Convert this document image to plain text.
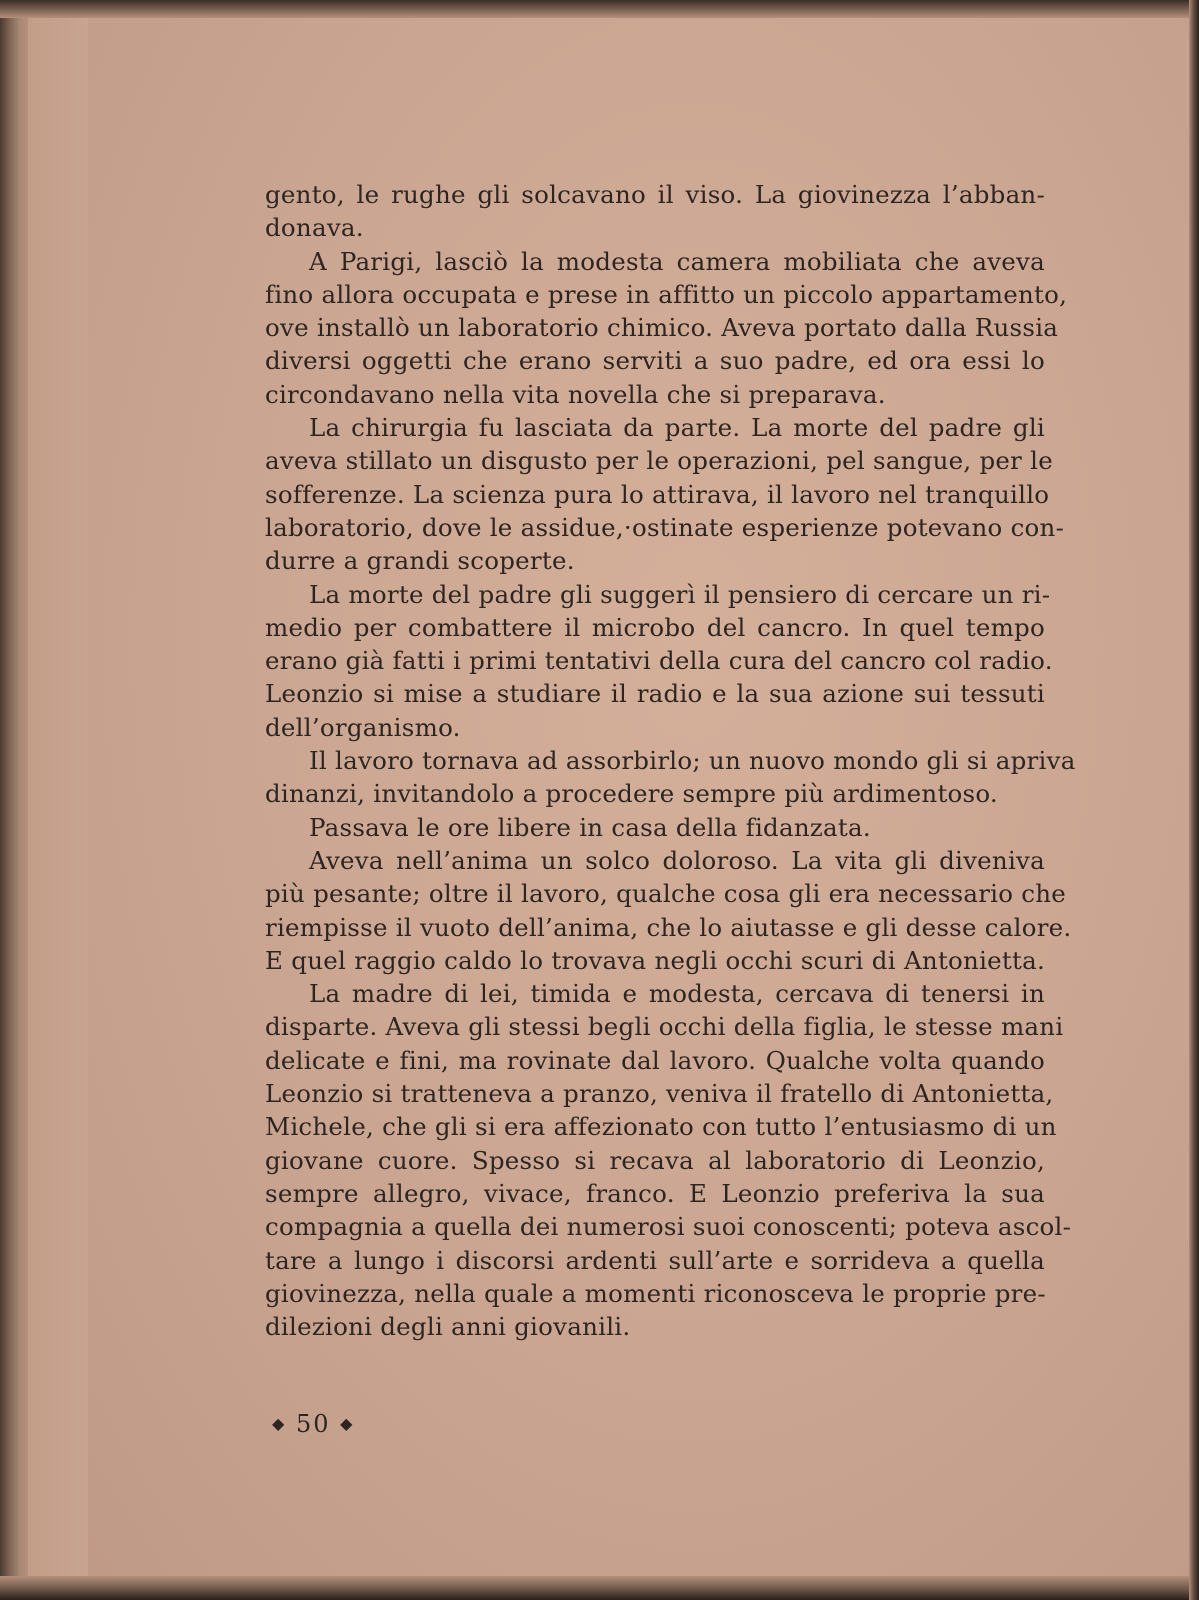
gento, le rughe gli solcavano il viso. La giovinezza l’abban-
donava.
A Parigi, lasciò la modesta camera mobiliata che aveva
fino allora occupata e prese in affitto un piccolo appartamento,
ove installò un laboratorio chimico. Aveva portato dalla Russia
diversi oggetti che erano serviti a suo padre, ed ora essi lo
circondavano nella vita novella che si preparava.
La chirurgia fu lasciata da parte. La morte del padre gli
aveva stillato un disgusto per le operazioni, pel sangue, per le
sofferenze. La scienza pura lo attirava, il lavoro nel tranquillo
laboratorio, dove le assidue,·ostinate esperienze potevano con-
durre a grandi scoperte.
La morte del padre gli suggerì il pensiero di cercare un ri-
medio per combattere il microbo del cancro. In quel tempo
erano già fatti i primi tentativi della cura del cancro col radio.
Leonzio si mise a studiare il radio e la sua azione sui tessuti
dell’organismo.
Il lavoro tornava ad assorbirlo; un nuovo mondo gli si apriva
dinanzi, invitandolo a procedere sempre più ardimentoso.
Passava le ore libere in casa della fidanzata.
Aveva nell’anima un solco doloroso. La vita gli diveniva
più pesante; oltre il lavoro, qualche cosa gli era necessario che
riempisse il vuoto dell’anima, che lo aiutasse e gli desse calore.
E quel raggio caldo lo trovava negli occhi scuri di Antonietta.
La madre di lei, timida e modesta, cercava di tenersi in
disparte. Aveva gli stessi begli occhi della figlia, le stesse mani
delicate e fini, ma rovinate dal lavoro. Qualche volta quando
Leonzio si tratteneva a pranzo, veniva il fratello di Antonietta,
Michele, che gli si era affezionato con tutto l’entusiasmo di un
giovane cuore. Spesso si recava al laboratorio di Leonzio,
sempre allegro, vivace, franco. E Leonzio preferiva la sua
compagnia a quella dei numerosi suoi conoscenti; poteva ascol-
tare a lungo i discorsi ardenti sull’arte e sorrideva a quella
giovinezza, nella quale a momenti riconosceva le proprie pre-
dilezioni degli anni giovanili.
◆ 50 ◆
